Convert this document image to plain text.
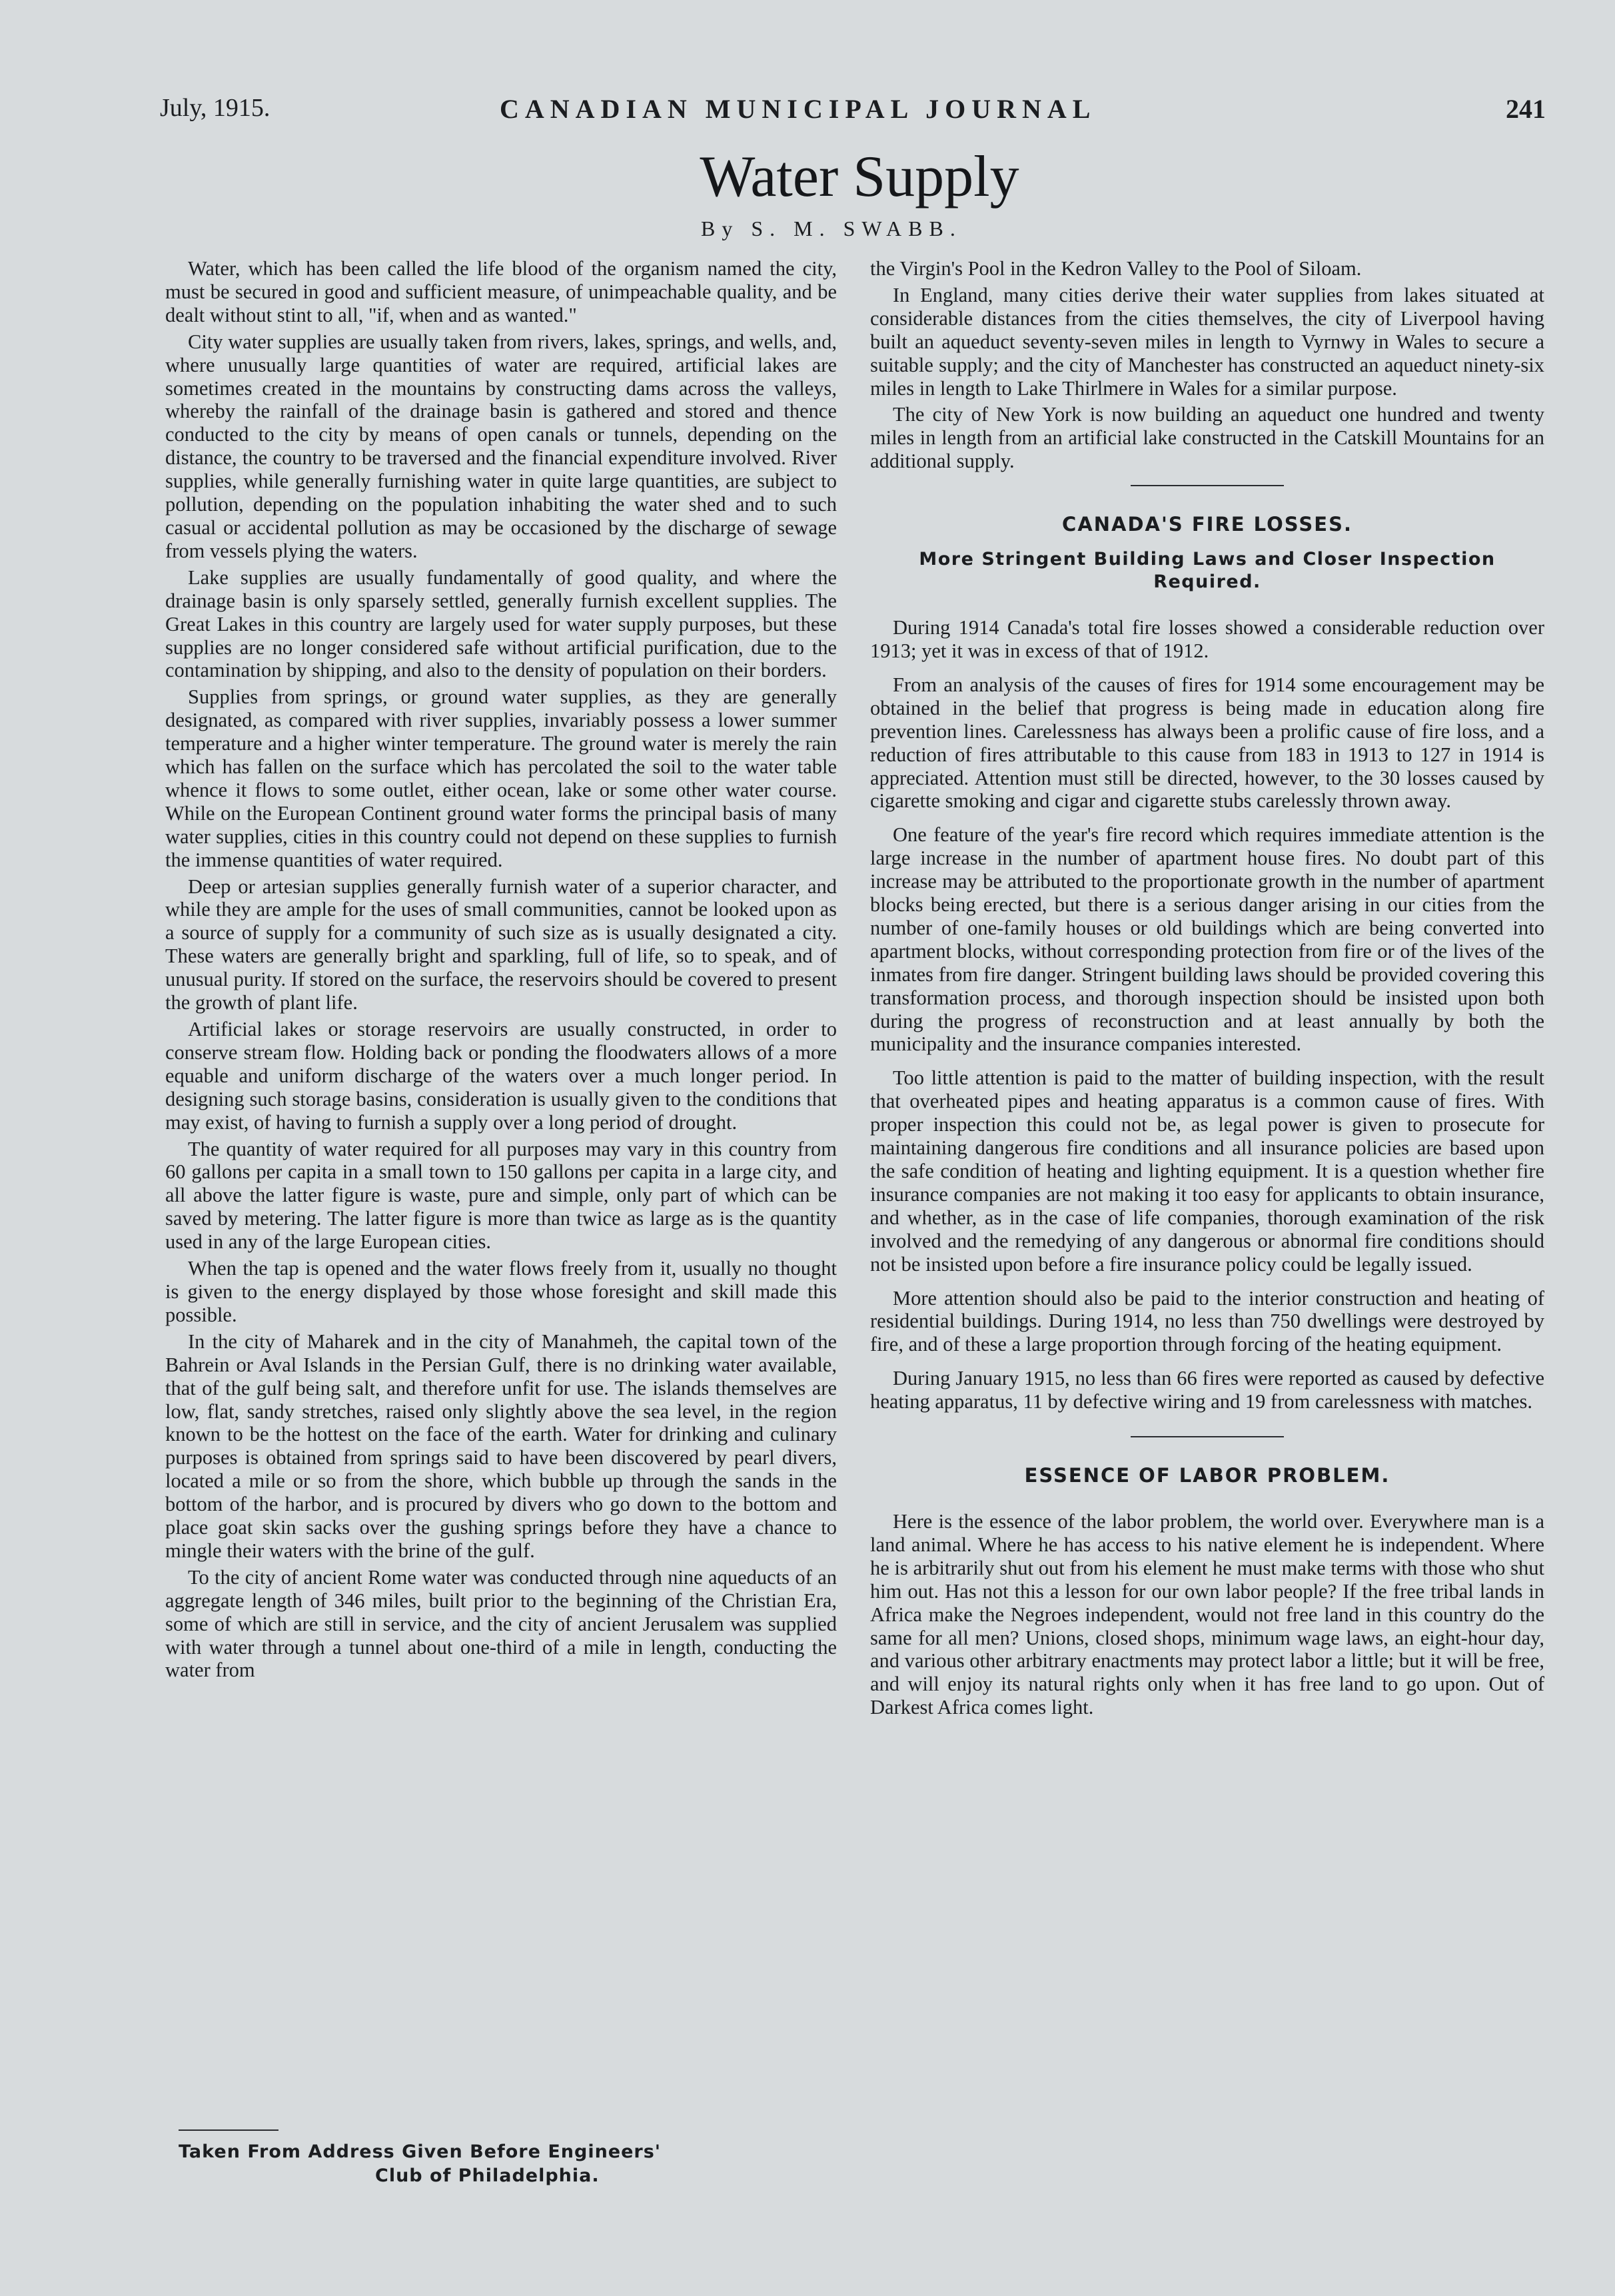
July, 1915.	CANADIAN MUNICIPAL JOURNAL	241
Water Supply
By S. M. SWABB.

Water, which has been called the life blood of the organism named the city, must be secured in good and sufficient measure, of unimpeachable quality, and be dealt without stint to all, "if, when and as wanted."

City water supplies are usually taken from rivers, lakes, springs, and wells, and, where unusually large quantities of water are required, artificial lakes are sometimes created in the mountains by constructing dams across the valleys, whereby the rainfall of the drainage basin is gathered and stored and thence conducted to the city by means of open canals or tunnels, depending on the distance, the country to be traversed and the financial expenditure involved. River supplies, while generally furnishing water in quite large quantities, are subject to pollution, depending on the population inhabiting the water shed and to such casual or accidental pollution as may be occasioned by the discharge of sewage from vessels plying the waters.

Lake supplies are usually fundamentally of good quality, and where the drainage basin is only sparsely settled, generally furnish excellent supplies. The Great Lakes in this country are largely used for water supply purposes, but these supplies are no longer considered safe without artificial purification, due to the contamination by shipping, and also to the density of population on their borders.

Supplies from springs, or ground water supplies, as they are generally designated, as compared with river supplies, invariably possess a lower summer temperature and a higher winter temperature. The ground water is merely the rain which has fallen on the surface which has percolated the soil to the water table whence it flows to some outlet, either ocean, lake or some other water course. While on the European Continent ground water forms the principal basis of many water supplies, cities in this country could not depend on these supplies to furnish the immense quantities of water required.

Deep or artesian supplies generally furnish water of a superior character, and while they are ample for the uses of small communities, cannot be looked upon as a source of supply for a community of such size as is usually designated a city. These waters are generally bright and sparkling, full of life, so to speak, and of unusual purity. If stored on the surface, the reservoirs should be covered to present the growth of plant life.

Artificial lakes or storage reservoirs are usually constructed, in order to conserve stream flow. Holding back or ponding the floodwaters allows of a more equable and uniform discharge of the waters over a much longer period. In designing such storage basins, consideration is usually given to the conditions that may exist, of having to furnish a supply over a long period of drought.

The quantity of water required for all purposes may vary in this country from 60 gallons per capita in a small town to 150 gallons per capita in a large city, and all above the latter figure is waste, pure and simple, only part of which can be saved by metering. The latter figure is more than twice as large as is the quantity used in any of the large European cities.

When the tap is opened and the water flows freely from it, usually no thought is given to the energy displayed by those whose foresight and skill made this possible.

In the city of Maharek and in the city of Manahmeh, the capital town of the Bahrein or Aval Islands in the Persian Gulf, there is no drinking water available, that of the gulf being salt, and therefore unfit for use. The islands themselves are low, flat, sandy stretches, raised only slightly above the sea level, in the region known to be the hottest on the face of the earth. Water for drinking and culinary purposes is obtained from springs said to have been discovered by pearl divers, located a mile or so from the shore, which bubble up through the sands in the bottom of the harbor, and is procured by divers who go down to the bottom and place goat skin sacks over the gushing springs before they have a chance to mingle their waters with the brine of the gulf.

To the city of ancient Rome water was conducted through nine aqueducts of an aggregate length of 346 miles, built prior to the beginning of the Christian Era, some of which are still in service, and the city of ancient Jerusalem was supplied with water through a tunnel about one-third of a mile in length, conducting the water from

the Virgin's Pool in the Kedron Valley to the Pool of Siloam.

In England, many cities derive their water supplies from lakes situated at considerable distances from the cities themselves, the city of Liverpool having built an aqueduct seventy-seven miles in length to Vyrnwy in Wales to secure a suitable supply; and the city of Manchester has constructed an aqueduct ninety-six miles in length to Lake Thirlmere in Wales for a similar purpose.

The city of New York is now building an aqueduct one hundred and twenty miles in length from an artificial lake constructed in the Catskill Mountains for an additional supply.

CANADA'S FIRE LOSSES.
More Stringent Building Laws and Closer Inspection Required.

During 1914 Canada's total fire losses showed a considerable reduction over 1913; yet it was in excess of that of 1912.

From an analysis of the causes of fires for 1914 some encouragement may be obtained in the belief that progress is being made in education along fire prevention lines. Carelessness has always been a prolific cause of fire loss, and a reduction of fires attributable to this cause from 183 in 1913 to 127 in 1914 is appreciated. Attention must still be directed, however, to the 30 losses caused by cigarette smoking and cigar and cigarette stubs carelessly thrown away.

One feature of the year's fire record which requires immediate attention is the large increase in the number of apartment house fires. No doubt part of this increase may be attributed to the proportionate growth in the number of apartment blocks being erected, but there is a serious danger arising in our cities from the number of one-family houses or old buildings which are being converted into apartment blocks, without corresponding protection from fire or of the lives of the inmates from fire danger. Stringent building laws should be provided covering this transformation process, and thorough inspection should be insisted upon both during the progress of reconstruction and at least annually by both the municipality and the insurance companies interested.

Too little attention is paid to the matter of building inspection, with the result that overheated pipes and heating apparatus is a common cause of fires. With proper inspection this could not be, as legal power is given to prosecute for maintaining dangerous fire conditions and all insurance policies are based upon the safe condition of heating and lighting equipment. It is a question whether fire insurance companies are not making it too easy for applicants to obtain insurance, and whether, as in the case of life companies, thorough examination of the risk involved and the remedying of any dangerous or abnormal fire conditions should not be insisted upon before a fire insurance policy could be legally issued.

More attention should also be paid to the interior construction and heating of residential buildings. During 1914, no less than 750 dwellings were destroyed by fire, and of these a large proportion through forcing of the heating equipment.

During January 1915, no less than 66 fires were reported as caused by defective heating apparatus, 11 by defective wiring and 19 from carelessness with matches.

ESSENCE OF LABOR PROBLEM.

Here is the essence of the labor problem, the world over. Everywhere man is a land animal. Where he has access to his native element he is independent. Where he is arbitrarily shut out from his element he must make terms with those who shut him out. Has not this a lesson for our own labor people? If the free tribal lands in Africa make the Negroes independent, would not free land in this country do the same for all men? Unions, closed shops, minimum wage laws, an eight-hour day, and various other arbitrary enactments may protect labor a little; but it will be free, and will enjoy its natural rights only when it has free land to go upon. Out of Darkest Africa comes light.

Taken From Address Given Before Engineers'
Club of Philadelphia.
